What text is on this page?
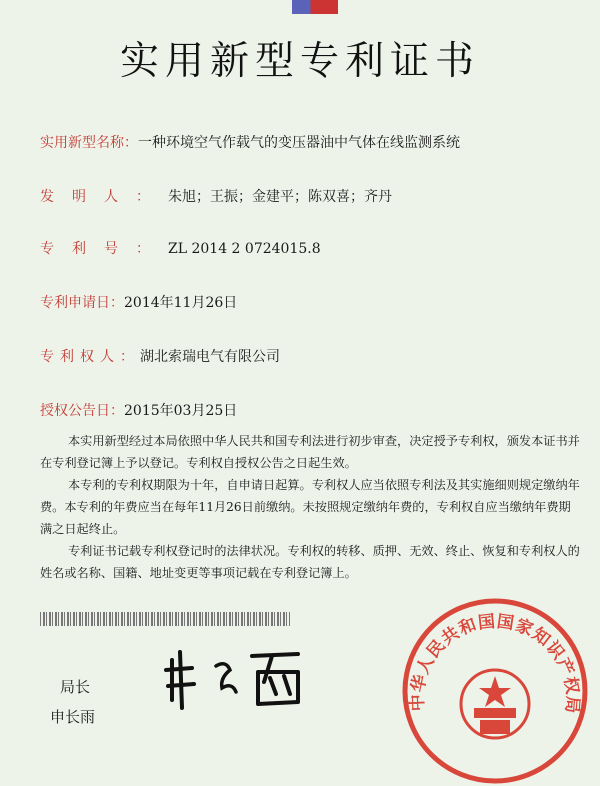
实用新型专利证书
实用新型名称：一种环境空气作载气的变压器油中气体在线监测系统
发明人：朱旭；王振；金建平；陈双喜；齐丹
专利号：ZL 2014 2 0724015.8
专利申请日：2014年11月26日
专利权人：湖北索瑞电气有限公司
授权公告日：2015年03月25日

本实用新型经过本局依照中华人民共和国专利法进行初步审查，决定授予专利权，颁发本证书并在专利登记簿上予以登记。专利权自授权公告之日起生效。

本专利的专利权期限为十年，自申请日起算。专利权人应当依照专利法及其实施细则规定缴纳年费。本专利的年费应当在每年11月26日前缴纳。未按照规定缴纳年费的，专利权自应当缴纳年费期满之日起终止。

专利证书记载专利权登记时的法律状况。专利权的转移、质押、无效、终止、恢复和专利权人的姓名或名称、国籍、地址变更等事项记载在专利登记簿上。

局长
申长雨
中华人民共和国国家知识产权局
